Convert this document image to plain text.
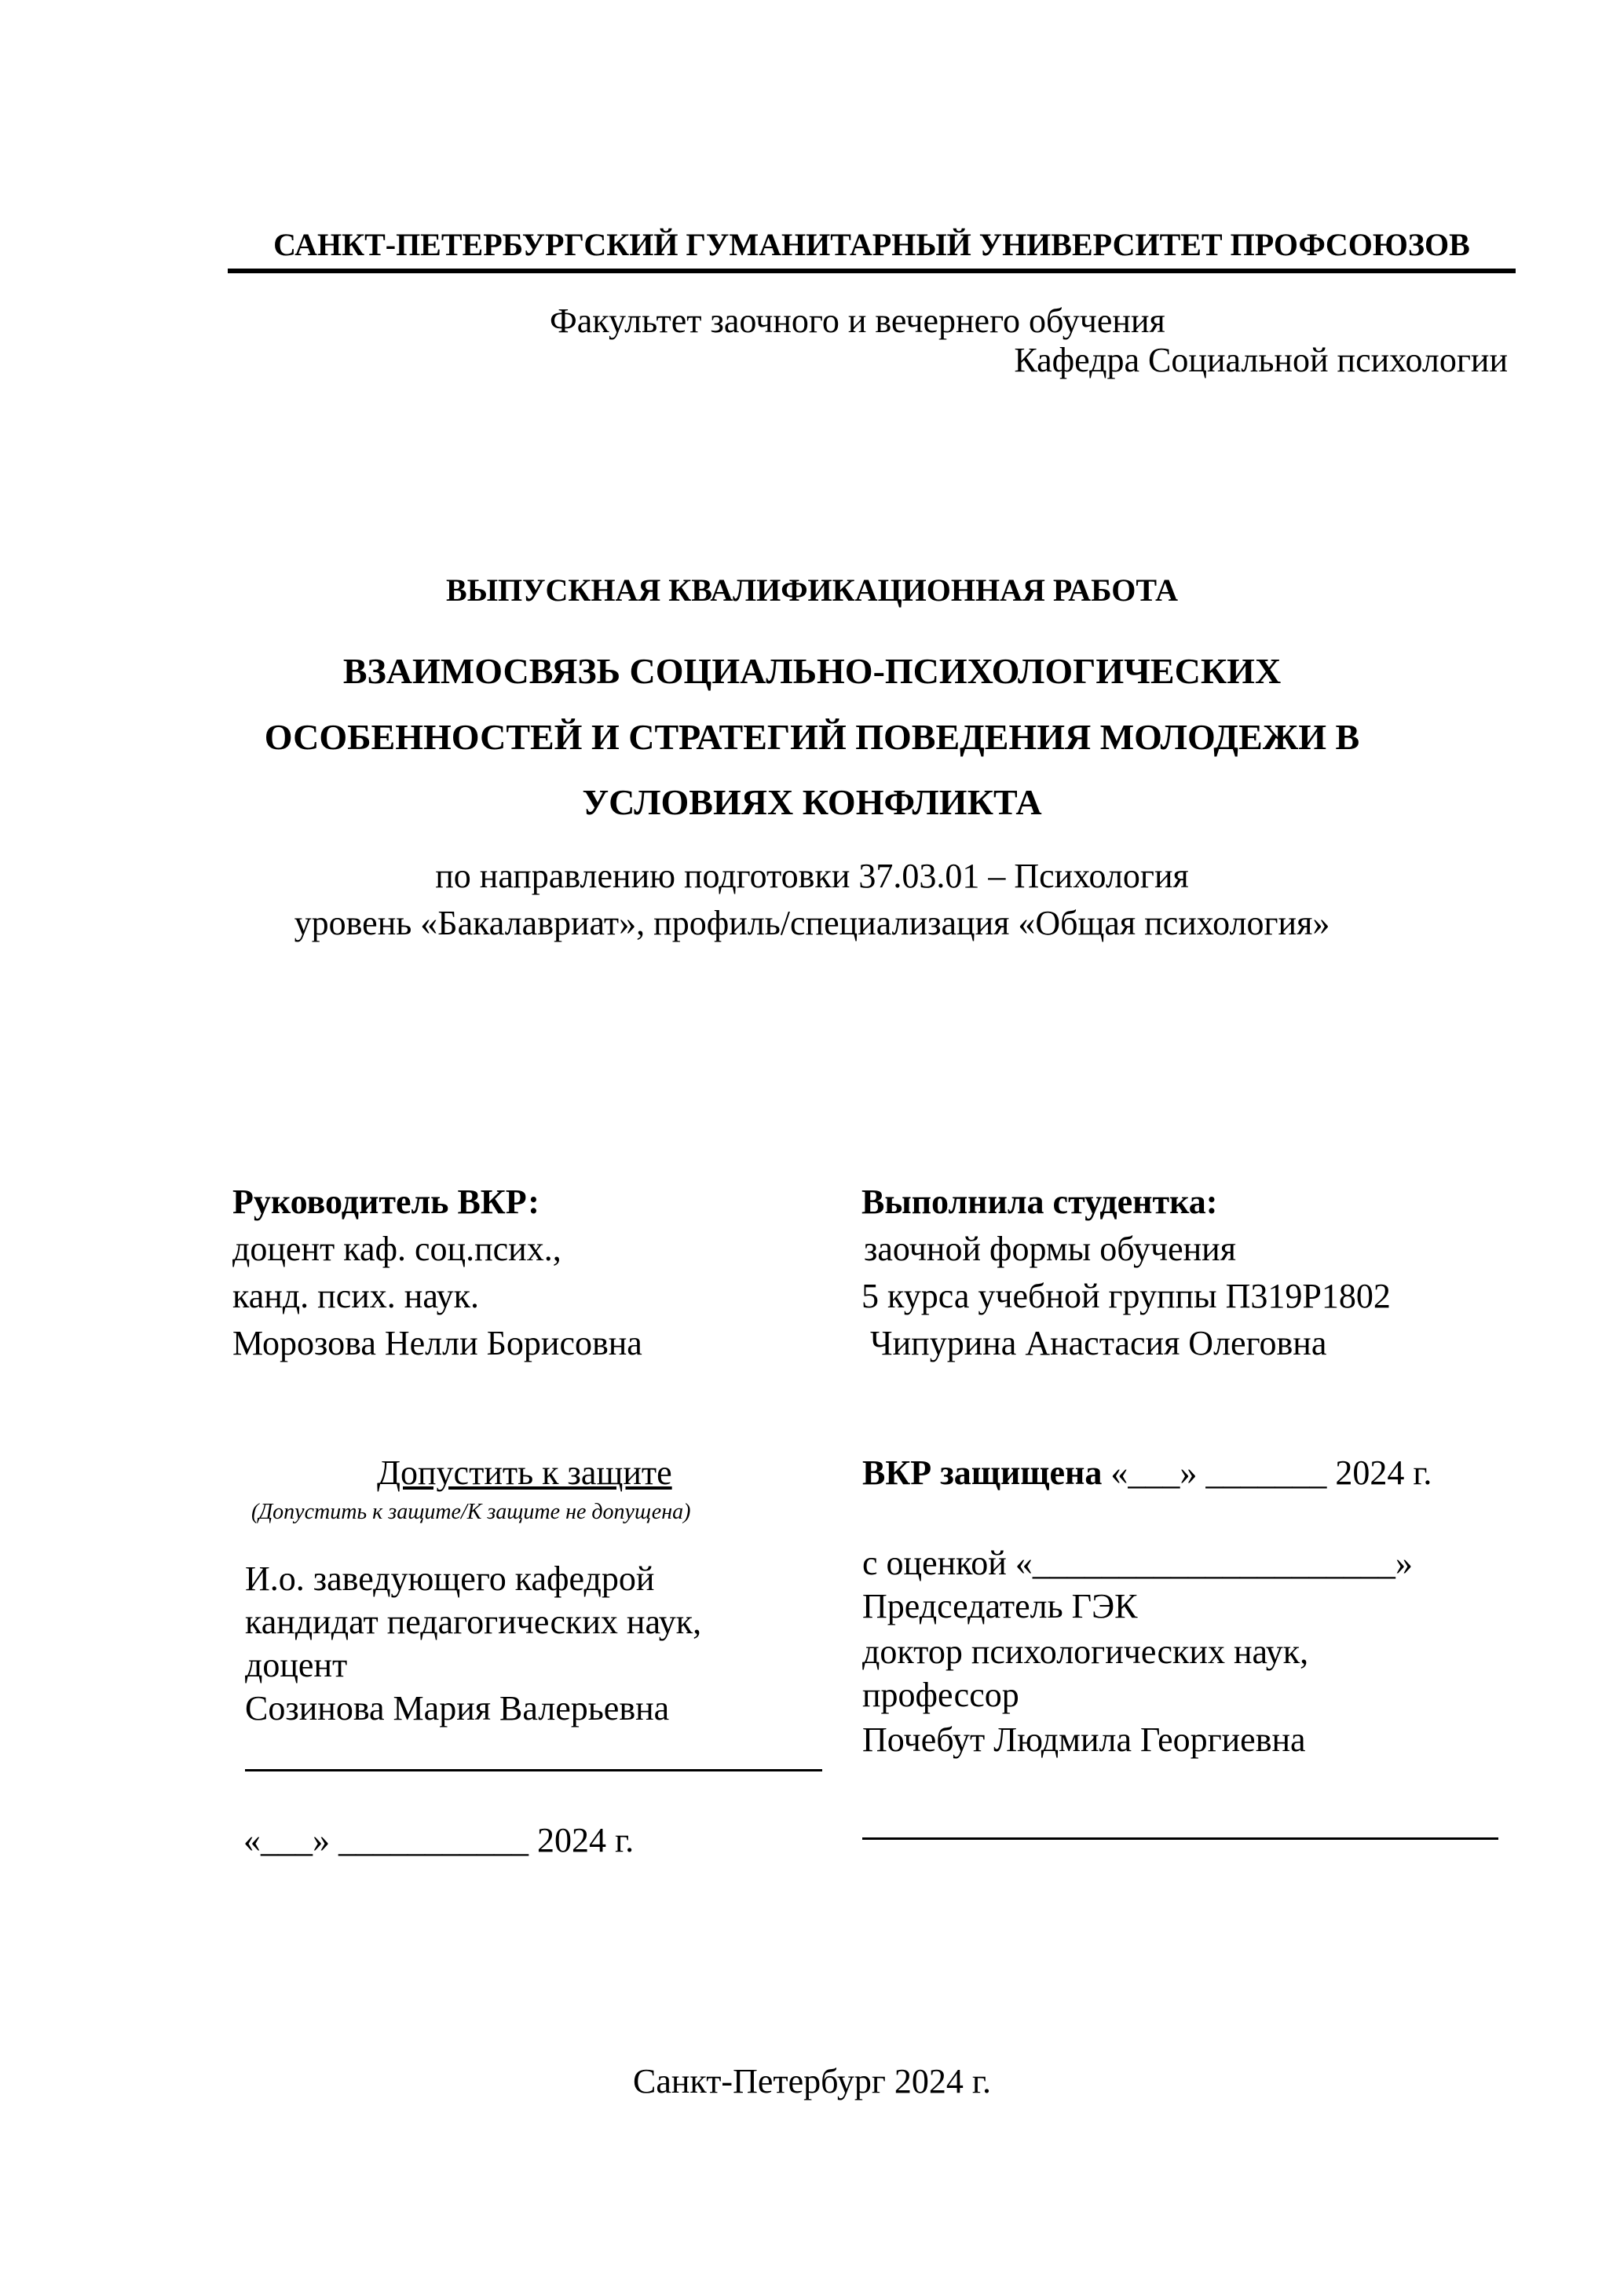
САНКТ-ПЕТЕРБУРГСКИЙ ГУМАНИТАРНЫЙ УНИВЕРСИТЕТ ПРОФСОЮЗОВ
Факультет заочного и вечернего обучения
Кафедра Социальной психологии
ВЫПУСКНАЯ КВАЛИФИКАЦИОННАЯ РАБОТА
ВЗАИМОСВЯЗЬ СОЦИАЛЬНО-ПСИХОЛОГИЧЕСКИХ
ОСОБЕННОСТЕЙ И СТРАТЕГИЙ ПОВЕДЕНИЯ МОЛОДЕЖИ В
УСЛОВИЯХ КОНФЛИКТА
по направлению подготовки 37.03.01 – Психология
уровень «Бакалавриат», профиль/специализация «Общая психология»
Руководитель ВКР:
доцент каф. соц.псих.,
канд. псих. наук.
Морозова Нелли Борисовна
Выполнила студентка:
заочной формы обучения
5 курса учебной группы П319Р1802
Чипурина Анастасия Олеговна
Допустить к защите
(Допустить к защите/К защите не допущена)
И.о. заведующего кафедрой
кандидат педагогических наук,
доцент
Созинова Мария Валерьевна
«___» ___________ 2024 г.
ВКР защищена «___» _______ 2024 г.
с оценкой «_____________________»
Председатель ГЭК
доктор психологических наук,
профессор
Почебут Людмила Георгиевна
Санкт-Петербург 2024 г.
